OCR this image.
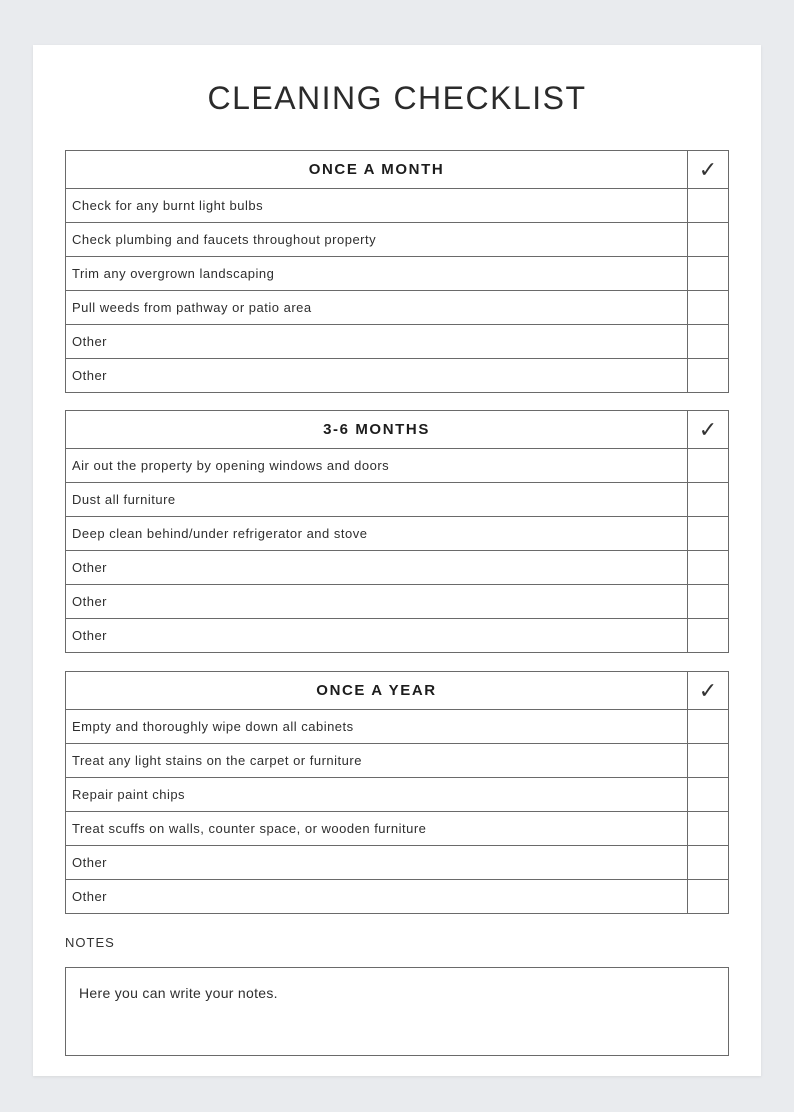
CLEANING CHECKLIST
ONCE A MONTH	✓
Check for any burnt light bulbs	
Check plumbing and faucets throughout property	
Trim any overgrown landscaping	
Pull weeds from pathway or patio area	
Other	
Other	
3-6 MONTHS	✓
Air out the property by opening windows and doors	
Dust all furniture	
Deep clean behind/under refrigerator and stove	
Other	
Other	
Other	
ONCE A YEAR	✓
Empty and thoroughly wipe down all cabinets	
Treat any light stains on the carpet or furniture	
Repair paint chips	
Treat scuffs on walls, counter space, or wooden furniture	
Other	
Other	

NOTES

Here you can write your notes.
